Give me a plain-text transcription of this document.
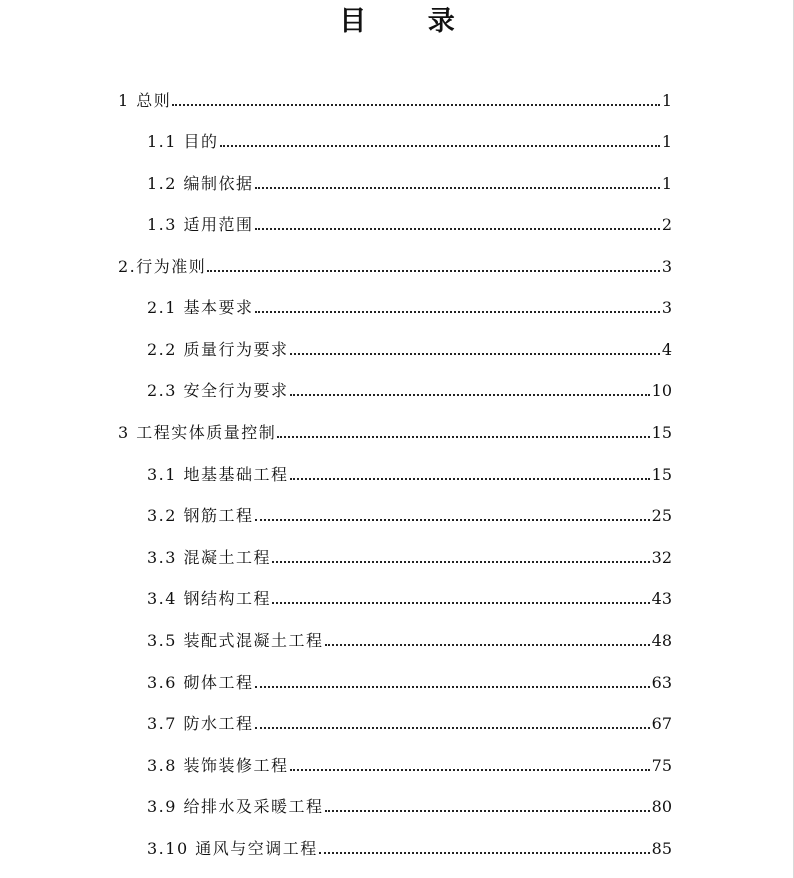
目 录
1 总则	1
1.1 目的	1
1.2 编制依据	1
1.3 适用范围	2
2.行为准则	3
2.1 基本要求	3
2.2 质量行为要求	4
2.3 安全行为要求	10
3 工程实体质量控制	15
3.1 地基基础工程	15
3.2 钢筋工程	25
3.3 混凝土工程	32
3.4 钢结构工程	43
3.5 装配式混凝土工程	48
3.6 砌体工程	63
3.7 防水工程	67
3.8 装饰装修工程	75
3.9 给排水及采暖工程	80
3.10 通风与空调工程	85
